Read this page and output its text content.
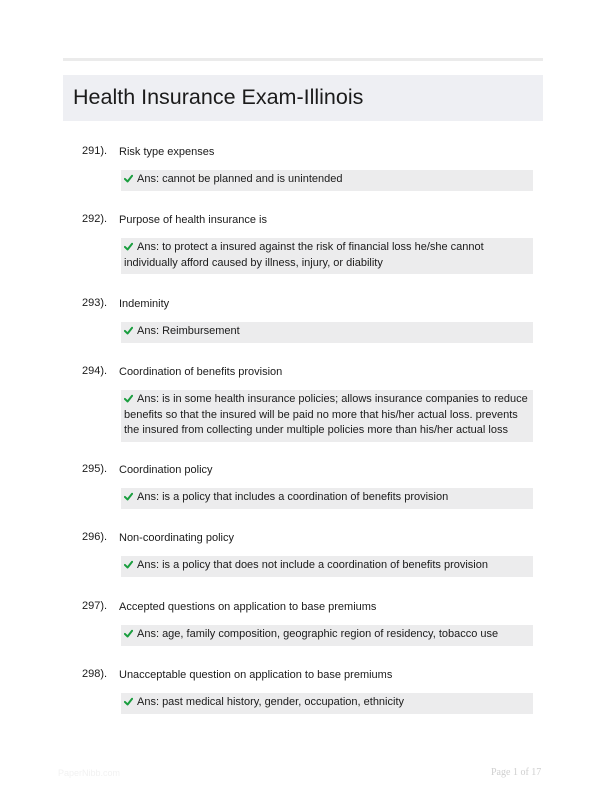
Health Insurance Exam-Illinois
291). Risk type expenses
Ans: cannot be planned and is unintended
292). Purpose of health insurance is
Ans: to protect a insured against the risk of financial loss he/she cannot individually afford caused by illness, injury, or diability
293). Indeminity
Ans: Reimbursement
294). Coordination of benefits provision
Ans: is in some health insurance policies; allows insurance companies to reduce benefits so that the insured will be paid no more that his/her actual loss. prevents the insured from collecting under multiple policies more than his/her actual loss
295). Coordination policy
Ans: is a policy that includes a coordination of benefits provision
296). Non-coordinating policy
Ans: is a policy that does not include a coordination of benefits provision
297). Accepted questions on application to base premiums
Ans: age, family composition, geographic region of residency, tobacco use
298). Unacceptable question on application to base premiums
Ans: past medical history, gender, occupation, ethnicity
PaperNibb.com	Page 1 of 17
